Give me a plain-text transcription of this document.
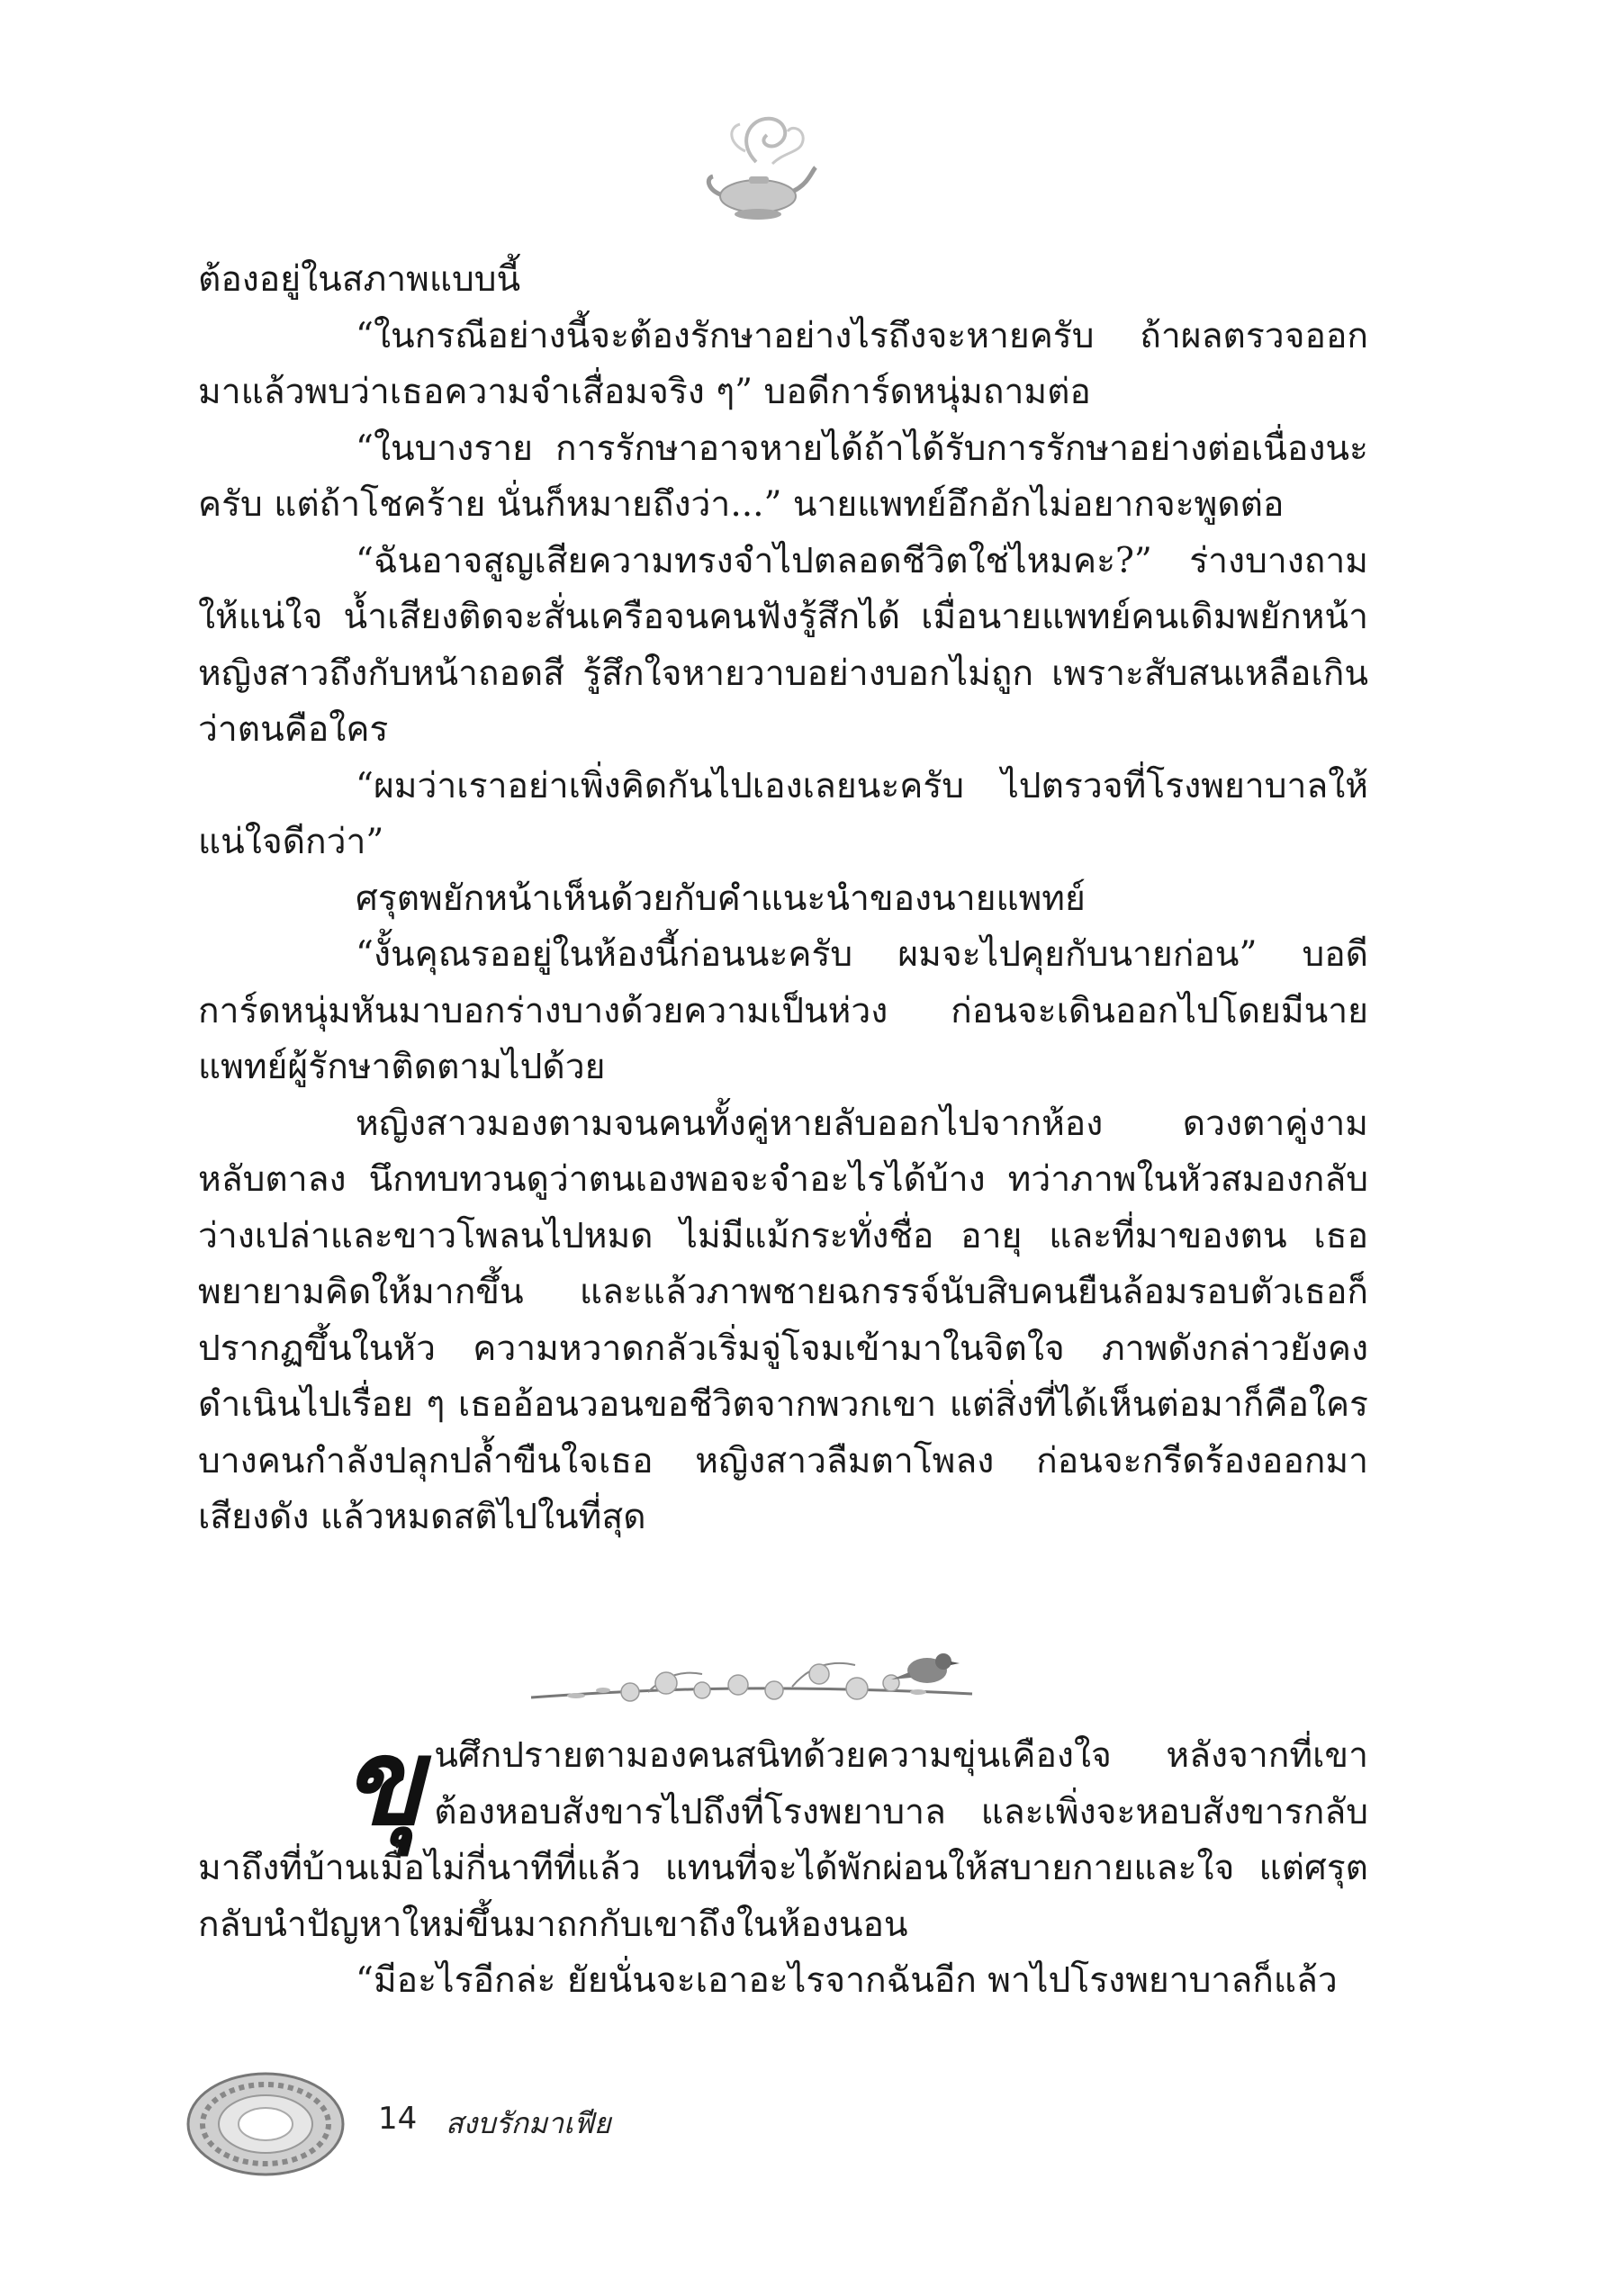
ต้องอยู่ในสภาพแบบนี้

“ในกรณีอย่างนี้จะต้องรักษาอย่างไรถึงจะหายครับ ถ้าผลตรวจออกมาแล้วพบว่าเธอความจำเสื่อมจริง ๆ” บอดีการ์ดหนุ่มถามต่อ

“ในบางราย การรักษาอาจหายได้ถ้าได้รับการรักษาอย่างต่อเนื่องนะครับ แต่ถ้าโชคร้าย นั่นก็หมายถึงว่า...” นายแพทย์อึกอักไม่อยากจะพูดต่อ

“ฉันอาจสูญเสียความทรงจำไปตลอดชีวิตใช่ไหมคะ?” ร่างบางถามให้แน่ใจ น้ำเสียงติดจะสั่นเครือจนคนฟังรู้สึกได้ เมื่อนายแพทย์คนเดิมพยักหน้า หญิงสาวถึงกับหน้าถอดสี รู้สึกใจหายวาบอย่างบอกไม่ถูก เพราะสับสนเหลือเกินว่าตนคือใคร

“ผมว่าเราอย่าเพิ่งคิดกันไปเองเลยนะครับ ไปตรวจที่โรงพยาบาลให้แน่ใจดีกว่า”

ศรุตพยักหน้าเห็นด้วยกับคำแนะนำของนายแพทย์

“งั้นคุณรออยู่ในห้องนี้ก่อนนะครับ ผมจะไปคุยกับนายก่อน” บอดีการ์ดหนุ่มหันมาบอกร่างบางด้วยความเป็นห่วง ก่อนจะเดินออกไปโดยมีนายแพทย์ผู้รักษาติดตามไปด้วย

หญิงสาวมองตามจนคนทั้งคู่หายลับออกไปจากห้อง ดวงตาคู่งามหลับตาลง นึกทบทวนดูว่าตนเองพอจะจำอะไรได้บ้าง ทว่าภาพในหัวสมองกลับว่างเปล่าและขาวโพลนไปหมด ไม่มีแม้กระทั่งชื่อ อายุ และที่มาของตน เธอพยายามคิดให้มากขึ้น และแล้วภาพชายฉกรรจ์นับสิบคนยืนล้อมรอบตัวเธอก็ปรากฏขึ้นในหัว ความหวาดกลัวเริ่มจู่โจมเข้ามาในจิตใจ ภาพดังกล่าวยังคงดำเนินไปเรื่อย ๆ เธออ้อนวอนขอชีวิตจากพวกเขา แต่สิ่งที่ได้เห็นต่อมาก็คือใครบางคนกำลังปลุกปล้ำขืนใจเธอ หญิงสาวลืมตาโพลง ก่อนจะกรีดร้องออกมาเสียงดัง แล้วหมดสติไปในที่สุด

ขุนศึกปรายตามองคนสนิทด้วยความขุ่นเคืองใจ หลังจากที่เขาต้องหอบสังขารไปถึงที่โรงพยาบาล และเพิ่งจะหอบสังขารกลับมาถึงที่บ้านเมื่อไม่กี่นาทีที่แล้ว แทนที่จะได้พักผ่อนให้สบายกายและใจ แต่ศรุตกลับนำปัญหาใหม่ขึ้นมาถกกับเขาถึงในห้องนอน

“มีอะไรอีกล่ะ ยัยนั่นจะเอาอะไรจากฉันอีก พาไปโรงพยาบาลก็แล้ว

14 สงบรักมาเฟีย
